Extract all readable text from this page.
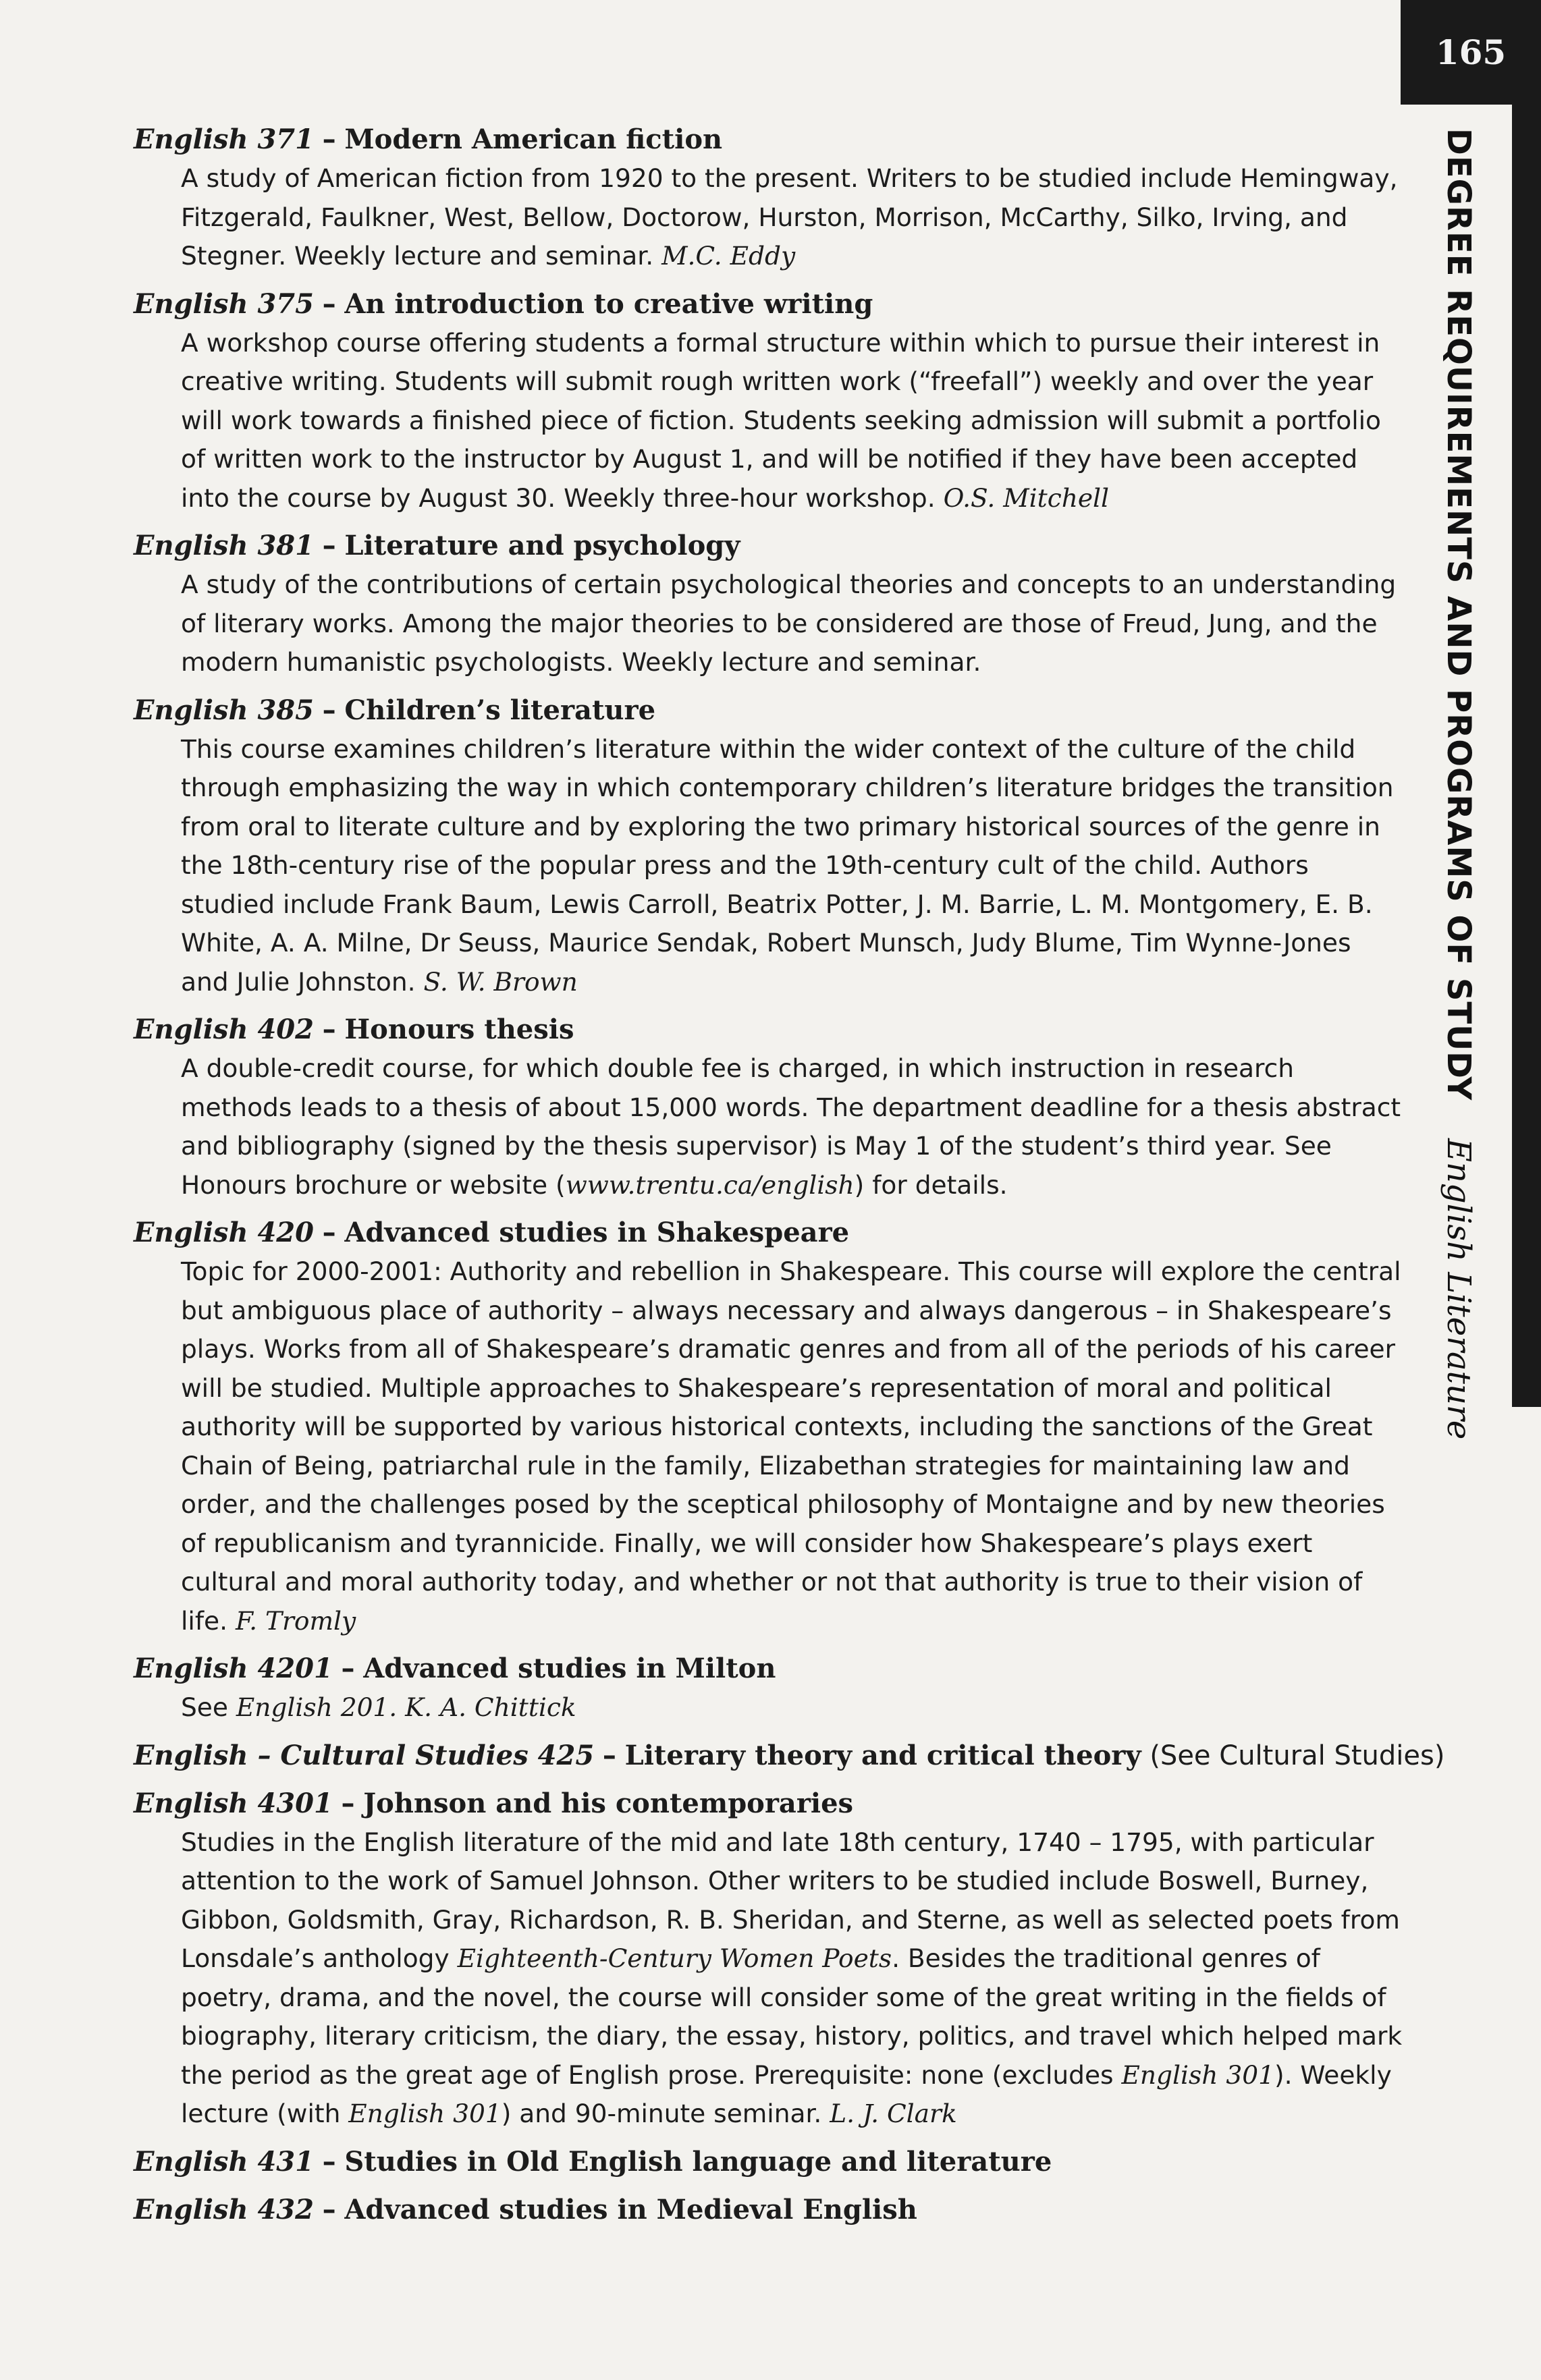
165
DEGREE REQUIREMENTS AND PROGRAMS OF STUDY English Literature
English 371 – Modern American fiction
A study of American fiction from 1920 to the present. Writers to be studied include Hemingway, Fitzgerald, Faulkner, West, Bellow, Doctorow, Hurston, Morrison, McCarthy, Silko, Irving, and Stegner. Weekly lecture and seminar. M.C. Eddy
English 375 – An introduction to creative writing
A workshop course offering students a formal structure within which to pursue their interest in creative writing. Students will submit rough written work (“freefall”) weekly and over the year will work towards a finished piece of fiction. Students seeking admission will submit a portfolio of written work to the instructor by August 1, and will be notified if they have been accepted into the course by August 30. Weekly three-hour workshop. O.S. Mitchell
English 381 – Literature and psychology
A study of the contributions of certain psychological theories and concepts to an understanding of literary works. Among the major theories to be considered are those of Freud, Jung, and the modern humanistic psychologists. Weekly lecture and seminar.
English 385 – Children’s literature
This course examines children’s literature within the wider context of the culture of the child through emphasizing the way in which contemporary children’s literature bridges the transition from oral to literate culture and by exploring the two primary historical sources of the genre in the 18th-century rise of the popular press and the 19th-century cult of the child. Authors studied include Frank Baum, Lewis Carroll, Beatrix Potter, J. M. Barrie, L. M. Montgomery, E. B. White, A. A. Milne, Dr Seuss, Maurice Sendak, Robert Munsch, Judy Blume, Tim Wynne-Jones and Julie Johnston. S. W. Brown
English 402 – Honours thesis
A double-credit course, for which double fee is charged, in which instruction in research methods leads to a thesis of about 15,000 words. The department deadline for a thesis abstract and bibliography (signed by the thesis supervisor) is May 1 of the student’s third year. See Honours brochure or website (www.trentu.ca/english) for details.
English 420 – Advanced studies in Shakespeare
Topic for 2000-2001: Authority and rebellion in Shakespeare. This course will explore the central but ambiguous place of authority – always necessary and always dangerous – in Shakespeare’s plays. Works from all of Shakespeare’s dramatic genres and from all of the periods of his career will be studied. Multiple approaches to Shakespeare’s representation of moral and political authority will be supported by various historical contexts, including the sanctions of the Great Chain of Being, patriarchal rule in the family, Elizabethan strategies for maintaining law and order, and the challenges posed by the sceptical philosophy of Montaigne and by new theories of republicanism and tyrannicide. Finally, we will consider how Shakespeare’s plays exert cultural and moral authority today, and whether or not that authority is true to their vision of life. F. Tromly
English 4201 – Advanced studies in Milton
See English 201. K. A. Chittick
English – Cultural Studies 425 – Literary theory and critical theory (See Cultural Studies)
English 4301 – Johnson and his contemporaries
Studies in the English literature of the mid and late 18th century, 1740 – 1795, with particular attention to the work of Samuel Johnson. Other writers to be studied include Boswell, Burney, Gibbon, Goldsmith, Gray, Richardson, R. B. Sheridan, and Sterne, as well as selected poets from Lonsdale’s anthology Eighteenth-Century Women Poets. Besides the traditional genres of poetry, drama, and the novel, the course will consider some of the great writing in the fields of biography, literary criticism, the diary, the essay, history, politics, and travel which helped mark the period as the great age of English prose. Prerequisite: none (excludes English 301). Weekly lecture (with English 301) and 90-minute seminar. L. J. Clark
English 431 – Studies in Old English language and literature
English 432 – Advanced studies in Medieval English
